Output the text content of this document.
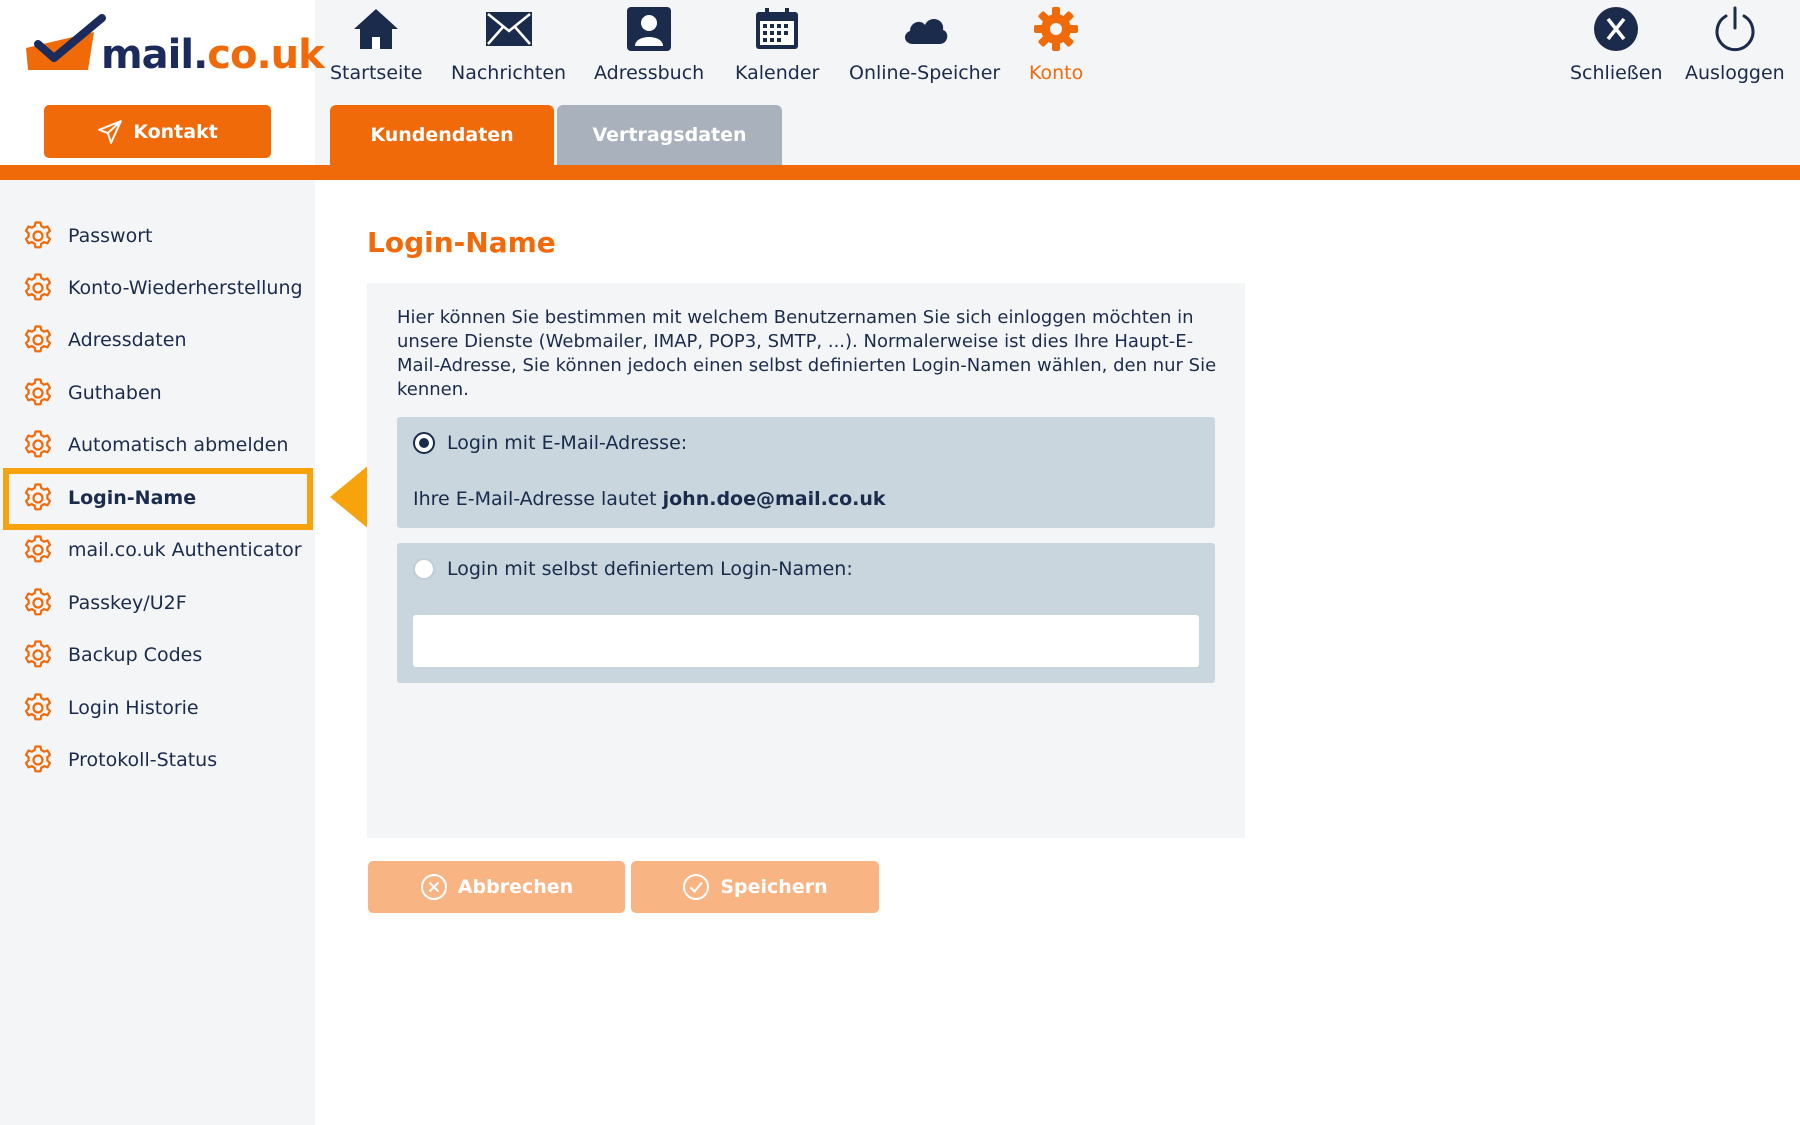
mail.co.uk
Kontakt
Startseite Nachrichten Adressbuch Kalender Online-Speicher Konto	Schließen Ausloggen
Kundendaten	Vertragsdaten
Passwort
Konto-Wiederherstellung
Adressdaten
Guthaben
Automatisch abmelden
Login-Name
mail.co.uk Authenticator
Passkey/U2F
Backup Codes
Login Historie
Protokoll-Status
Login-Name
Hier können Sie bestimmen mit welchem Benutzernamen Sie sich einloggen möchten in unsere Dienste (Webmailer, IMAP, POP3, SMTP, ...). Normalerweise ist dies Ihre Haupt-E-Mail-Adresse, Sie können jedoch einen selbst definierten Login-Namen wählen, den nur Sie kennen.
Login mit E-Mail-Adresse:
Ihre E-Mail-Adresse lautet john.doe@mail.co.uk
Login mit selbst definiertem Login-Namen:
Abbrechen	Speichern
